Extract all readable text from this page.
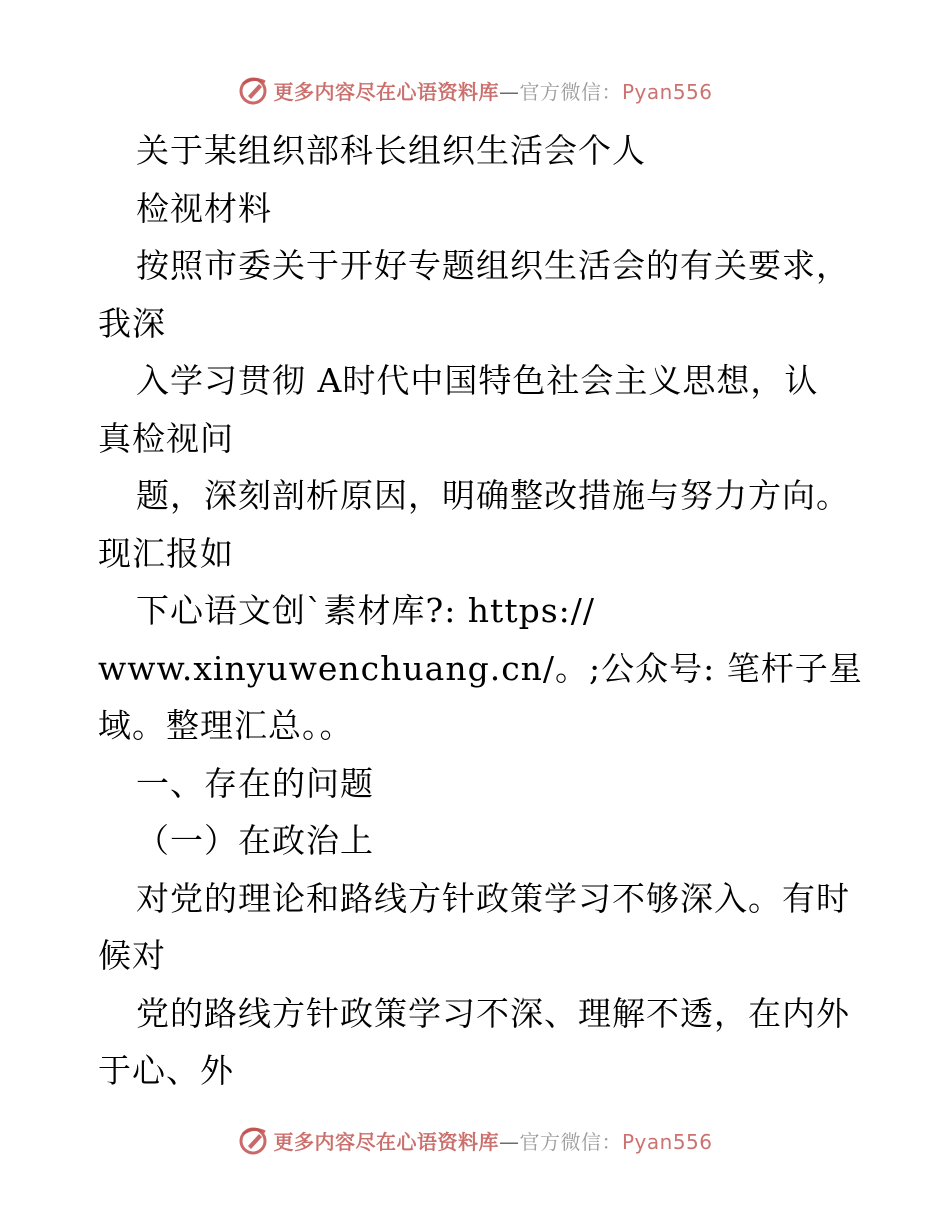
更多内容尽在心语资料库—官方微信：Pyan556
关于某组织部科长组织生活会个人
检视材料
按照市委关于开好专题组织生活会的有关要求，
我深
入学习贯彻 A时代中国特色社会主义思想，认
真检视问
题，深刻剖析原因，明确整改措施与努力方向。
现汇报如
下心语文创`素材库?: https://
www.xinyuwenchuang.cn/。;公众号: 笔杆子星
域。整理汇总。。
一、存在的问题
（一）在政治上
对党的理论和路线方针政策学习不够深入。有时
候对
党的路线方针政策学习不深、理解不透，在内外
于心、外
更多内容尽在心语资料库—官方微信：Pyan556
